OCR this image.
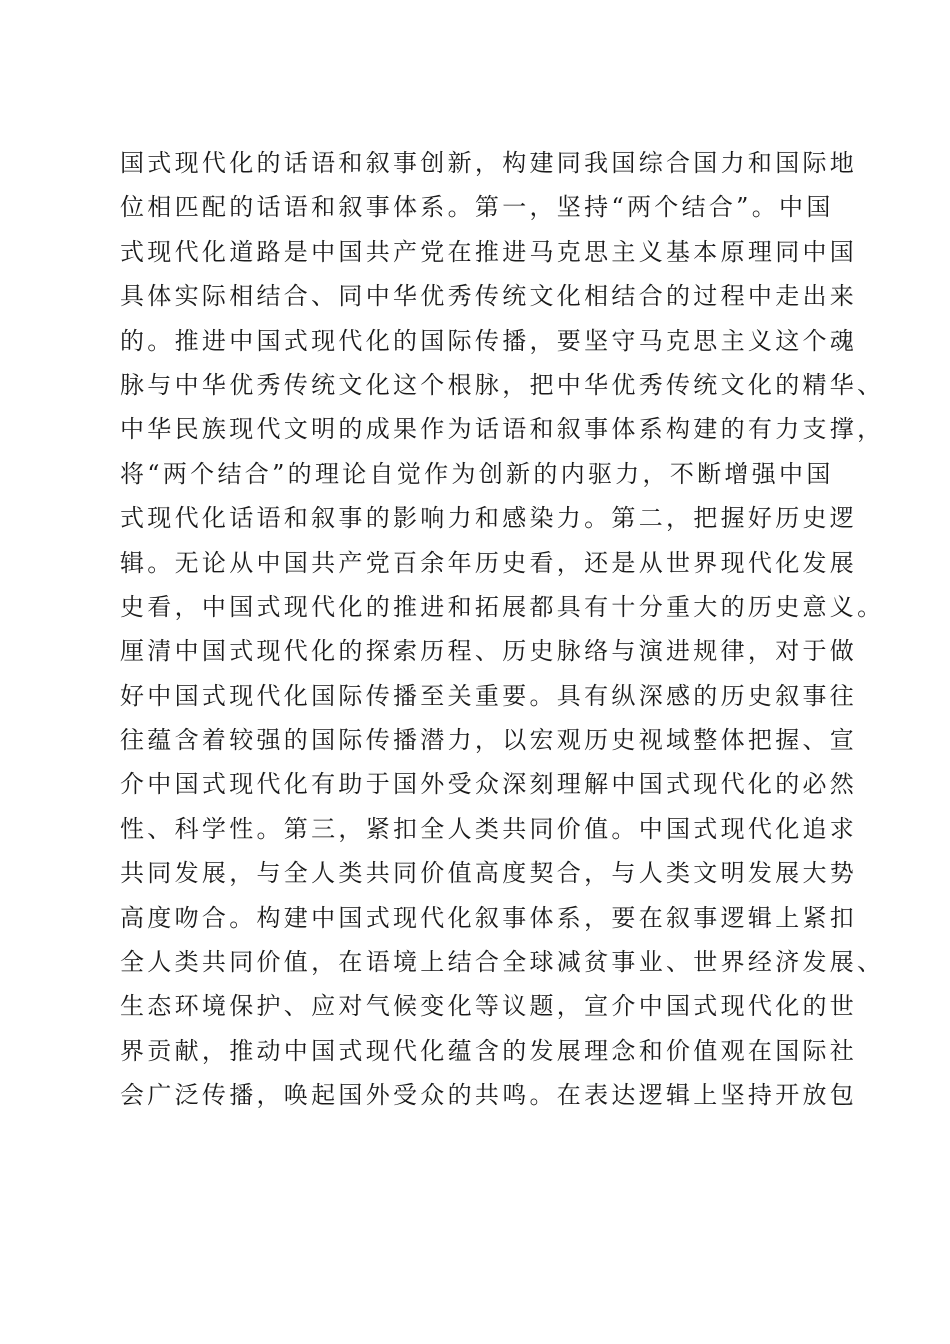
国式现代化的话语和叙事创新，构建同我国综合国力和国际地
位相匹配的话语和叙事体系。第一，坚持“两个结合”。中国
式现代化道路是中国共产党在推进马克思主义基本原理同中国
具体实际相结合、同中华优秀传统文化相结合的过程中走出来
的。推进中国式现代化的国际传播，要坚守马克思主义这个魂
脉与中华优秀传统文化这个根脉，把中华优秀传统文化的精华、
中华民族现代文明的成果作为话语和叙事体系构建的有力支撑，
将“两个结合”的理论自觉作为创新的内驱力，不断增强中国
式现代化话语和叙事的影响力和感染力。第二，把握好历史逻
辑。无论从中国共产党百余年历史看，还是从世界现代化发展
史看，中国式现代化的推进和拓展都具有十分重大的历史意义。
厘清中国式现代化的探索历程、历史脉络与演进规律，对于做
好中国式现代化国际传播至关重要。具有纵深感的历史叙事往
往蕴含着较强的国际传播潜力，以宏观历史视域整体把握、宣
介中国式现代化有助于国外受众深刻理解中国式现代化的必然
性、科学性。第三，紧扣全人类共同价值。中国式现代化追求
共同发展，与全人类共同价值高度契合，与人类文明发展大势
高度吻合。构建中国式现代化叙事体系，要在叙事逻辑上紧扣
全人类共同价值，在语境上结合全球减贫事业、世界经济发展、
生态环境保护、应对气候变化等议题，宣介中国式现代化的世
界贡献，推动中国式现代化蕴含的发展理念和价值观在国际社
会广泛传播，唤起国外受众的共鸣。在表达逻辑上坚持开放包
